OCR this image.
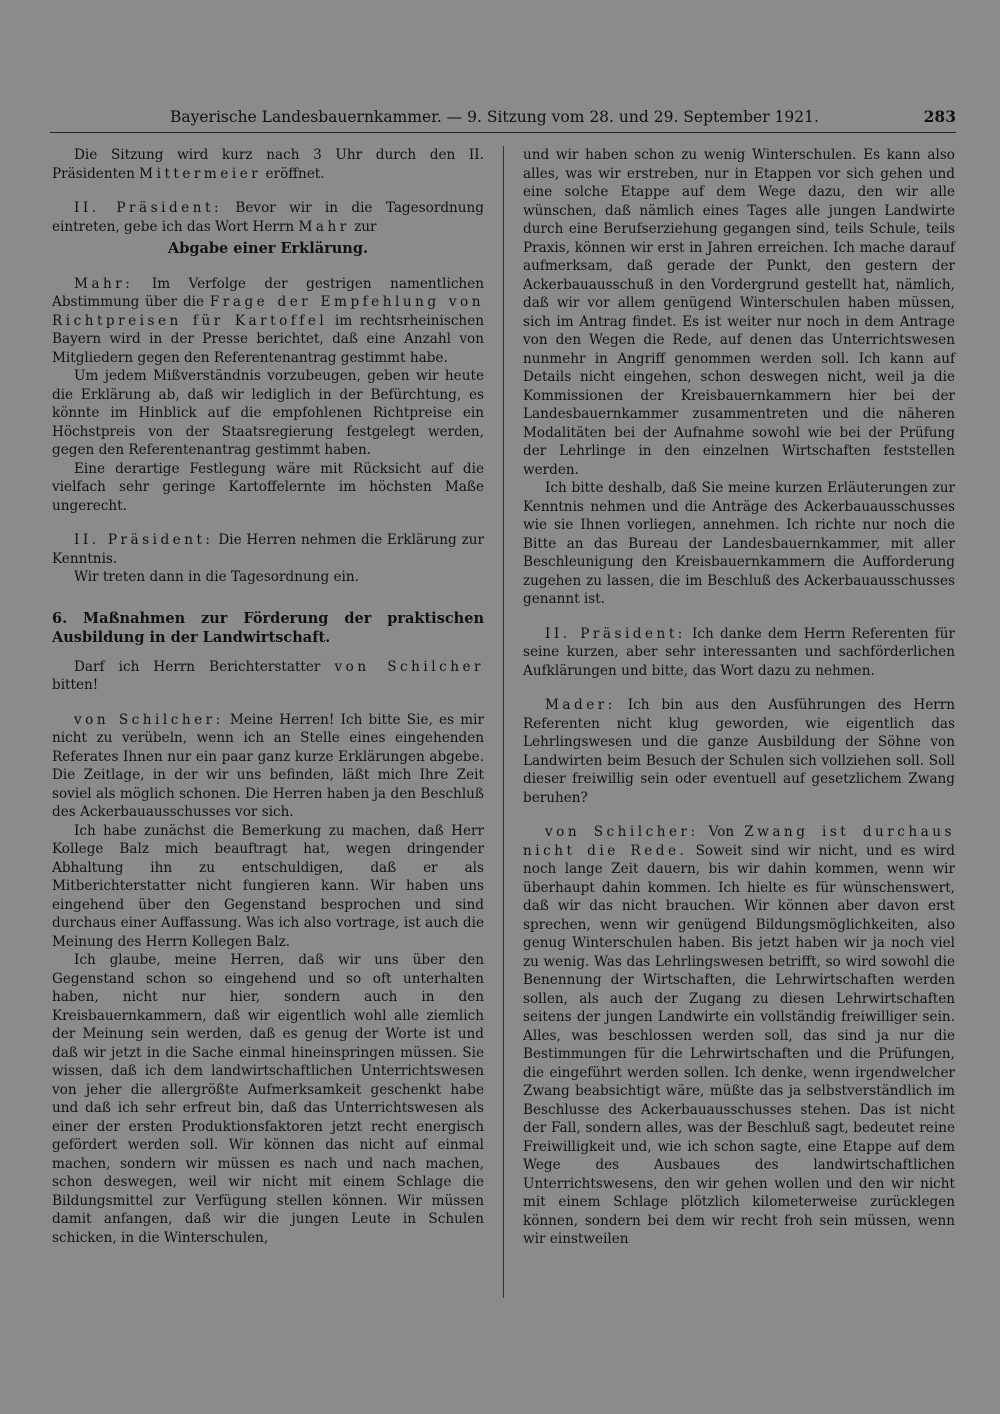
Bayerische Landesbauernkammer. — 9. Sitzung vom 28. und 29. September 1921.	283

Die Sitzung wird kurz nach 3 Uhr durch den II. Präsidenten Mittermeier eröffnet.

II. Präsident: Bevor wir in die Tagesordnung eintreten, gebe ich das Wort Herrn Mahr zur

Abgabe einer Erklärung.

Mahr: Im Verfolge der gestrigen namentlichen Abstimmung über die Frage der Empfehlung von Richtpreisen für Kartoffel im rechtsrheinischen Bayern wird in der Presse berichtet, daß eine Anzahl von Mitgliedern gegen den Referentenantrag gestimmt habe.

Um jedem Mißverständnis vorzubeugen, geben wir heute die Erklärung ab, daß wir lediglich in der Befürchtung, es könnte im Hinblick auf die empfohlenen Richtpreise ein Höchstpreis von der Staatsregierung festgelegt werden, gegen den Referentenantrag gestimmt haben.

Eine derartige Festlegung wäre mit Rücksicht auf die vielfach sehr geringe Kartoffelernte im höchsten Maße ungerecht.

II. Präsident: Die Herren nehmen die Erklärung zur Kenntnis.

Wir treten dann in die Tagesordnung ein.

6. Maßnahmen zur Förderung der praktischen Ausbildung in der Landwirtschaft.

Darf ich Herrn Berichterstatter von Schilcher bitten!

von Schilcher: Meine Herren! Ich bitte Sie, es mir nicht zu verübeln, wenn ich an Stelle eines eingehenden Referates Ihnen nur ein paar ganz kurze Erklärungen abgebe. Die Zeitlage, in der wir uns befinden, läßt mich Ihre Zeit soviel als möglich schonen. Die Herren haben ja den Beschluß des Ackerbauausschusses vor sich.

Ich habe zunächst die Bemerkung zu machen, daß Herr Kollege Balz mich beauftragt hat, wegen dringender Abhaltung ihn zu entschuldigen, daß er als Mitberichterstatter nicht fungieren kann. Wir haben uns eingehend über den Gegenstand besprochen und sind durchaus einer Auffassung. Was ich also vortrage, ist auch die Meinung des Herrn Kollegen Balz.

Ich glaube, meine Herren, daß wir uns über den Gegenstand schon so eingehend und so oft unterhalten haben, nicht nur hier, sondern auch in den Kreisbauernkammern, daß wir eigentlich wohl alle ziemlich der Meinung sein werden, daß es genug der Worte ist und daß wir jetzt in die Sache einmal hineinspringen müssen. Sie wissen, daß ich dem landwirtschaftlichen Unterrichtswesen von jeher die allergrößte Aufmerksamkeit geschenkt habe und daß ich sehr erfreut bin, daß das Unterrichtswesen als einer der ersten Produktionsfaktoren jetzt recht energisch gefördert werden soll. Wir können das nicht auf einmal machen, sondern wir müssen es nach und nach machen, schon deswegen, weil wir nicht mit einem Schlage die Bildungsmittel zur Verfügung stellen können. Wir müssen damit anfangen, daß wir die jungen Leute in Schulen schicken, in die Winterschulen,

und wir haben schon zu wenig Winterschulen. Es kann also alles, was wir erstreben, nur in Etappen vor sich gehen und eine solche Etappe auf dem Wege dazu, den wir alle wünschen, daß nämlich eines Tages alle jungen Landwirte durch eine Berufserziehung gegangen sind, teils Schule, teils Praxis, können wir erst in Jahren erreichen. Ich mache darauf aufmerksam, daß gerade der Punkt, den gestern der Ackerbauausschuß in den Vordergrund gestellt hat, nämlich, daß wir vor allem genügend Winterschulen haben müssen, sich im Antrag findet. Es ist weiter nur noch in dem Antrage von den Wegen die Rede, auf denen das Unterrichtswesen nunmehr in Angriff genommen werden soll. Ich kann auf Details nicht eingehen, schon deswegen nicht, weil ja die Kommissionen der Kreisbauernkammern hier bei der Landesbauernkammer zusammentreten und die näheren Modalitäten bei der Aufnahme sowohl wie bei der Prüfung der Lehrlinge in den einzelnen Wirtschaften feststellen werden.

Ich bitte deshalb, daß Sie meine kurzen Erläuterungen zur Kenntnis nehmen und die Anträge des Ackerbauausschusses wie sie Ihnen vorliegen, annehmen. Ich richte nur noch die Bitte an das Bureau der Landesbauernkammer, mit aller Beschleunigung den Kreisbauernkammern die Aufforderung zugehen zu lassen, die im Beschluß des Ackerbauausschusses genannt ist.

II. Präsident: Ich danke dem Herrn Referenten für seine kurzen, aber sehr interessanten und sachförderlichen Aufklärungen und bitte, das Wort dazu zu nehmen.

Mader: Ich bin aus den Ausführungen des Herrn Referenten nicht klug geworden, wie eigentlich das Lehrlingswesen und die ganze Ausbildung der Söhne von Landwirten beim Besuch der Schulen sich vollziehen soll. Soll dieser freiwillig sein oder eventuell auf gesetzlichem Zwang beruhen?

von Schilcher: Von Zwang ist durchaus nicht die Rede. Soweit sind wir nicht, und es wird noch lange Zeit dauern, bis wir dahin kommen, wenn wir überhaupt dahin kommen. Ich hielte es für wünschenswert, daß wir das nicht brauchen. Wir können aber davon erst sprechen, wenn wir genügend Bildungsmöglichkeiten, also genug Winterschulen haben. Bis jetzt haben wir ja noch viel zu wenig. Was das Lehrlingswesen betrifft, so wird sowohl die Benennung der Wirtschaften, die Lehrwirtschaften werden sollen, als auch der Zugang zu diesen Lehrwirtschaften seitens der jungen Landwirte ein vollständig freiwilliger sein. Alles, was beschlossen werden soll, das sind ja nur die Bestimmungen für die Lehrwirtschaften und die Prüfungen, die eingeführt werden sollen. Ich denke, wenn irgendwelcher Zwang beabsichtigt wäre, müßte das ja selbstverständlich im Beschlusse des Ackerbauausschusses stehen. Das ist nicht der Fall, sondern alles, was der Beschluß sagt, bedeutet reine Freiwilligkeit und, wie ich schon sagte, eine Etappe auf dem Wege des Ausbaues des landwirtschaftlichen Unterrichtswesens, den wir gehen wollen und den wir nicht mit einem Schlage plötzlich kilometerweise zurücklegen können, sondern bei dem wir recht froh sein müssen, wenn wir einstweilen
